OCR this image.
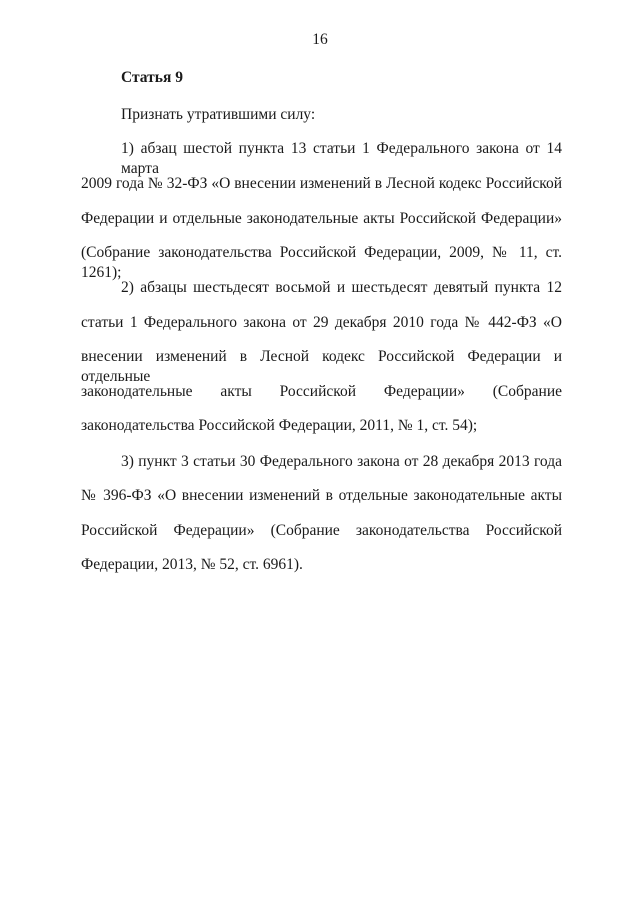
16
Статья 9
Признать утратившими силу:
1) абзац шестой пункта 13 статьи 1 Федерального закона от 14 марта
2009 года № 32-ФЗ «О внесении изменений в Лесной кодекс Российской
Федерации и отдельные законодательные акты Российской Федерации»
(Собрание законодательства Российской Федерации, 2009, № 11, ст. 1261);
2) абзацы шестьдесят восьмой и шестьдесят девятый пункта 12
статьи 1 Федерального закона от 29 декабря 2010 года № 442-ФЗ «О
внесении изменений в Лесной кодекс Российской Федерации и отдельные
законодательные акты Российской Федерации» (Собрание
законодательства Российской Федерации, 2011, № 1, ст. 54);
3) пункт 3 статьи 30 Федерального закона от 28 декабря 2013 года
№ 396-ФЗ «О внесении изменений в отдельные законодательные акты
Российской Федерации» (Собрание законодательства Российской
Федерации, 2013, № 52, ст. 6961).
